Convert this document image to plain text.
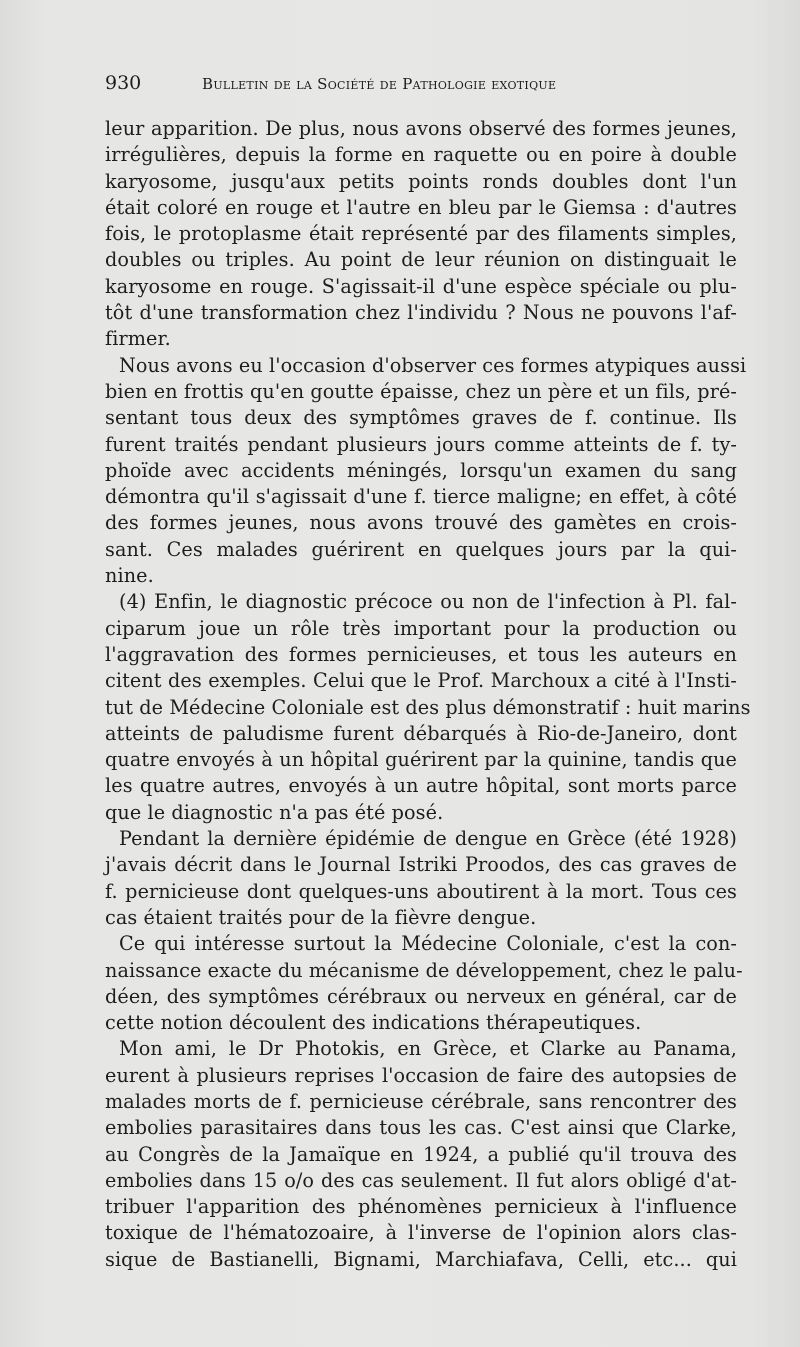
930	Bulletin de la Société de Pathologie exotique
leur apparition. De plus, nous avons observé des formes jeunes,
irrégulières, depuis la forme en raquette ou en poire à double
karyosome, jusqu'aux petits points ronds doubles dont l'un
était coloré en rouge et l'autre en bleu par le Giemsa : d'autres
fois, le protoplasme était représenté par des filaments simples,
doubles ou triples. Au point de leur réunion on distinguait le
karyosome en rouge. S'agissait-il d'une espèce spéciale ou plu-
tôt d'une transformation chez l'individu ? Nous ne pouvons l'af-
firmer.
Nous avons eu l'occasion d'observer ces formes atypiques aussi
bien en frottis qu'en goutte épaisse, chez un père et un fils, pré-
sentant tous deux des symptômes graves de f. continue. Ils
furent traités pendant plusieurs jours comme atteints de f. ty-
phoïde avec accidents méningés, lorsqu'un examen du sang
démontra qu'il s'agissait d'une f. tierce maligne; en effet, à côté
des formes jeunes, nous avons trouvé des gamètes en crois-
sant. Ces malades guérirent en quelques jours par la qui-
nine.
(4) Enfin, le diagnostic précoce ou non de l'infection à Pl. fal-
ciparum joue un rôle très important pour la production ou
l'aggravation des formes pernicieuses, et tous les auteurs en
citent des exemples. Celui que le Prof. Marchoux a cité à l'Insti-
tut de Médecine Coloniale est des plus démonstratif : huit marins
atteints de paludisme furent débarqués à Rio-de-Janeiro, dont
quatre envoyés à un hôpital guérirent par la quinine, tandis que
les quatre autres, envoyés à un autre hôpital, sont morts parce
que le diagnostic n'a pas été posé.
Pendant la dernière épidémie de dengue en Grèce (été 1928)
j'avais décrit dans le Journal Istriki Proodos, des cas graves de
f. pernicieuse dont quelques-uns aboutirent à la mort. Tous ces
cas étaient traités pour de la fièvre dengue.
Ce qui intéresse surtout la Médecine Coloniale, c'est la con-
naissance exacte du mécanisme de développement, chez le palu-
déen, des symptômes cérébraux ou nerveux en général, car de
cette notion découlent des indications thérapeutiques.
Mon ami, le Dr Photokis, en Grèce, et Clarke au Panama,
eurent à plusieurs reprises l'occasion de faire des autopsies de
malades morts de f. pernicieuse cérébrale, sans rencontrer des
embolies parasitaires dans tous les cas. C'est ainsi que Clarke,
au Congrès de la Jamaïque en 1924, a publié qu'il trouva des
embolies dans 15 o/o des cas seulement. Il fut alors obligé d'at-
tribuer l'apparition des phénomènes pernicieux à l'influence
toxique de l'hématozoaire, à l'inverse de l'opinion alors clas-
sique de Bastianelli, Bignami, Marchiafava, Celli, etc... qui
